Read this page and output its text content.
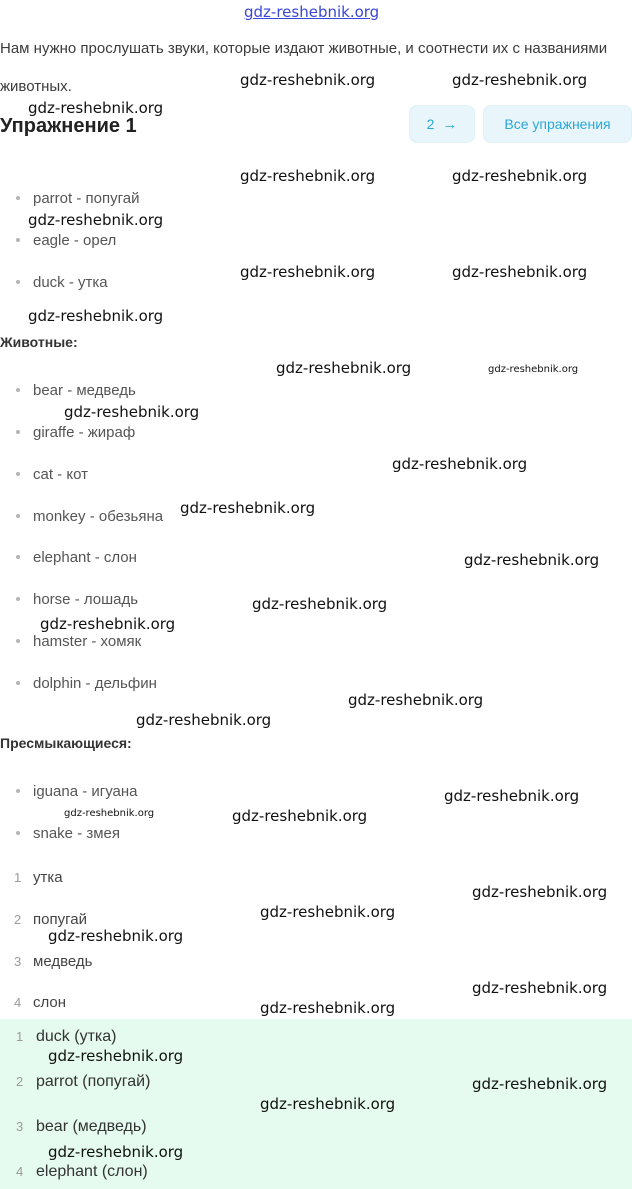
gdz-reshebnik.org

Нам нужно прослушать звуки, которые издают животные, и соотнести их с названиями животных.

Упражнение 1	2 →	Все упражнения
parrot - попугай
eagle - орел
duck - утка
Животные:
bear - медведь
giraffe - жираф
cat - кот
monkey - обезьяна
elephant - слон
horse - лошадь
hamster - хомяк
dolphin - дельфин
Пресмыкающиеся:
iguana - игуана
snake - змея
1 утка
2 попугай
3 медведь
4 слон
1 duck (утка)
2 parrot (попугай)
3 bear (медведь)
4 elephant (слон)
gdz-reshebnik.org	gdz-reshebnik.org
gdz-reshebnik.org
gdz-reshebnik.org	gdz-reshebnik.org
gdz-reshebnik.org
gdz-reshebnik.org	gdz-reshebnik.org
gdz-reshebnik.org
gdz-reshebnik.org	gdz-reshebnik.org
gdz-reshebnik.org
gdz-reshebnik.org
gdz-reshebnik.org
gdz-reshebnik.org
gdz-reshebnik.org
gdz-reshebnik.org
gdz-reshebnik.org
gdz-reshebnik.org
gdz-reshebnik.org
gdz-reshebnik.org	gdz-reshebnik.org
gdz-reshebnik.org
gdz-reshebnik.org
gdz-reshebnik.org
gdz-reshebnik.org
gdz-reshebnik.org
gdz-reshebnik.org
gdz-reshebnik.org
gdz-reshebnik.org
gdz-reshebnik.org
